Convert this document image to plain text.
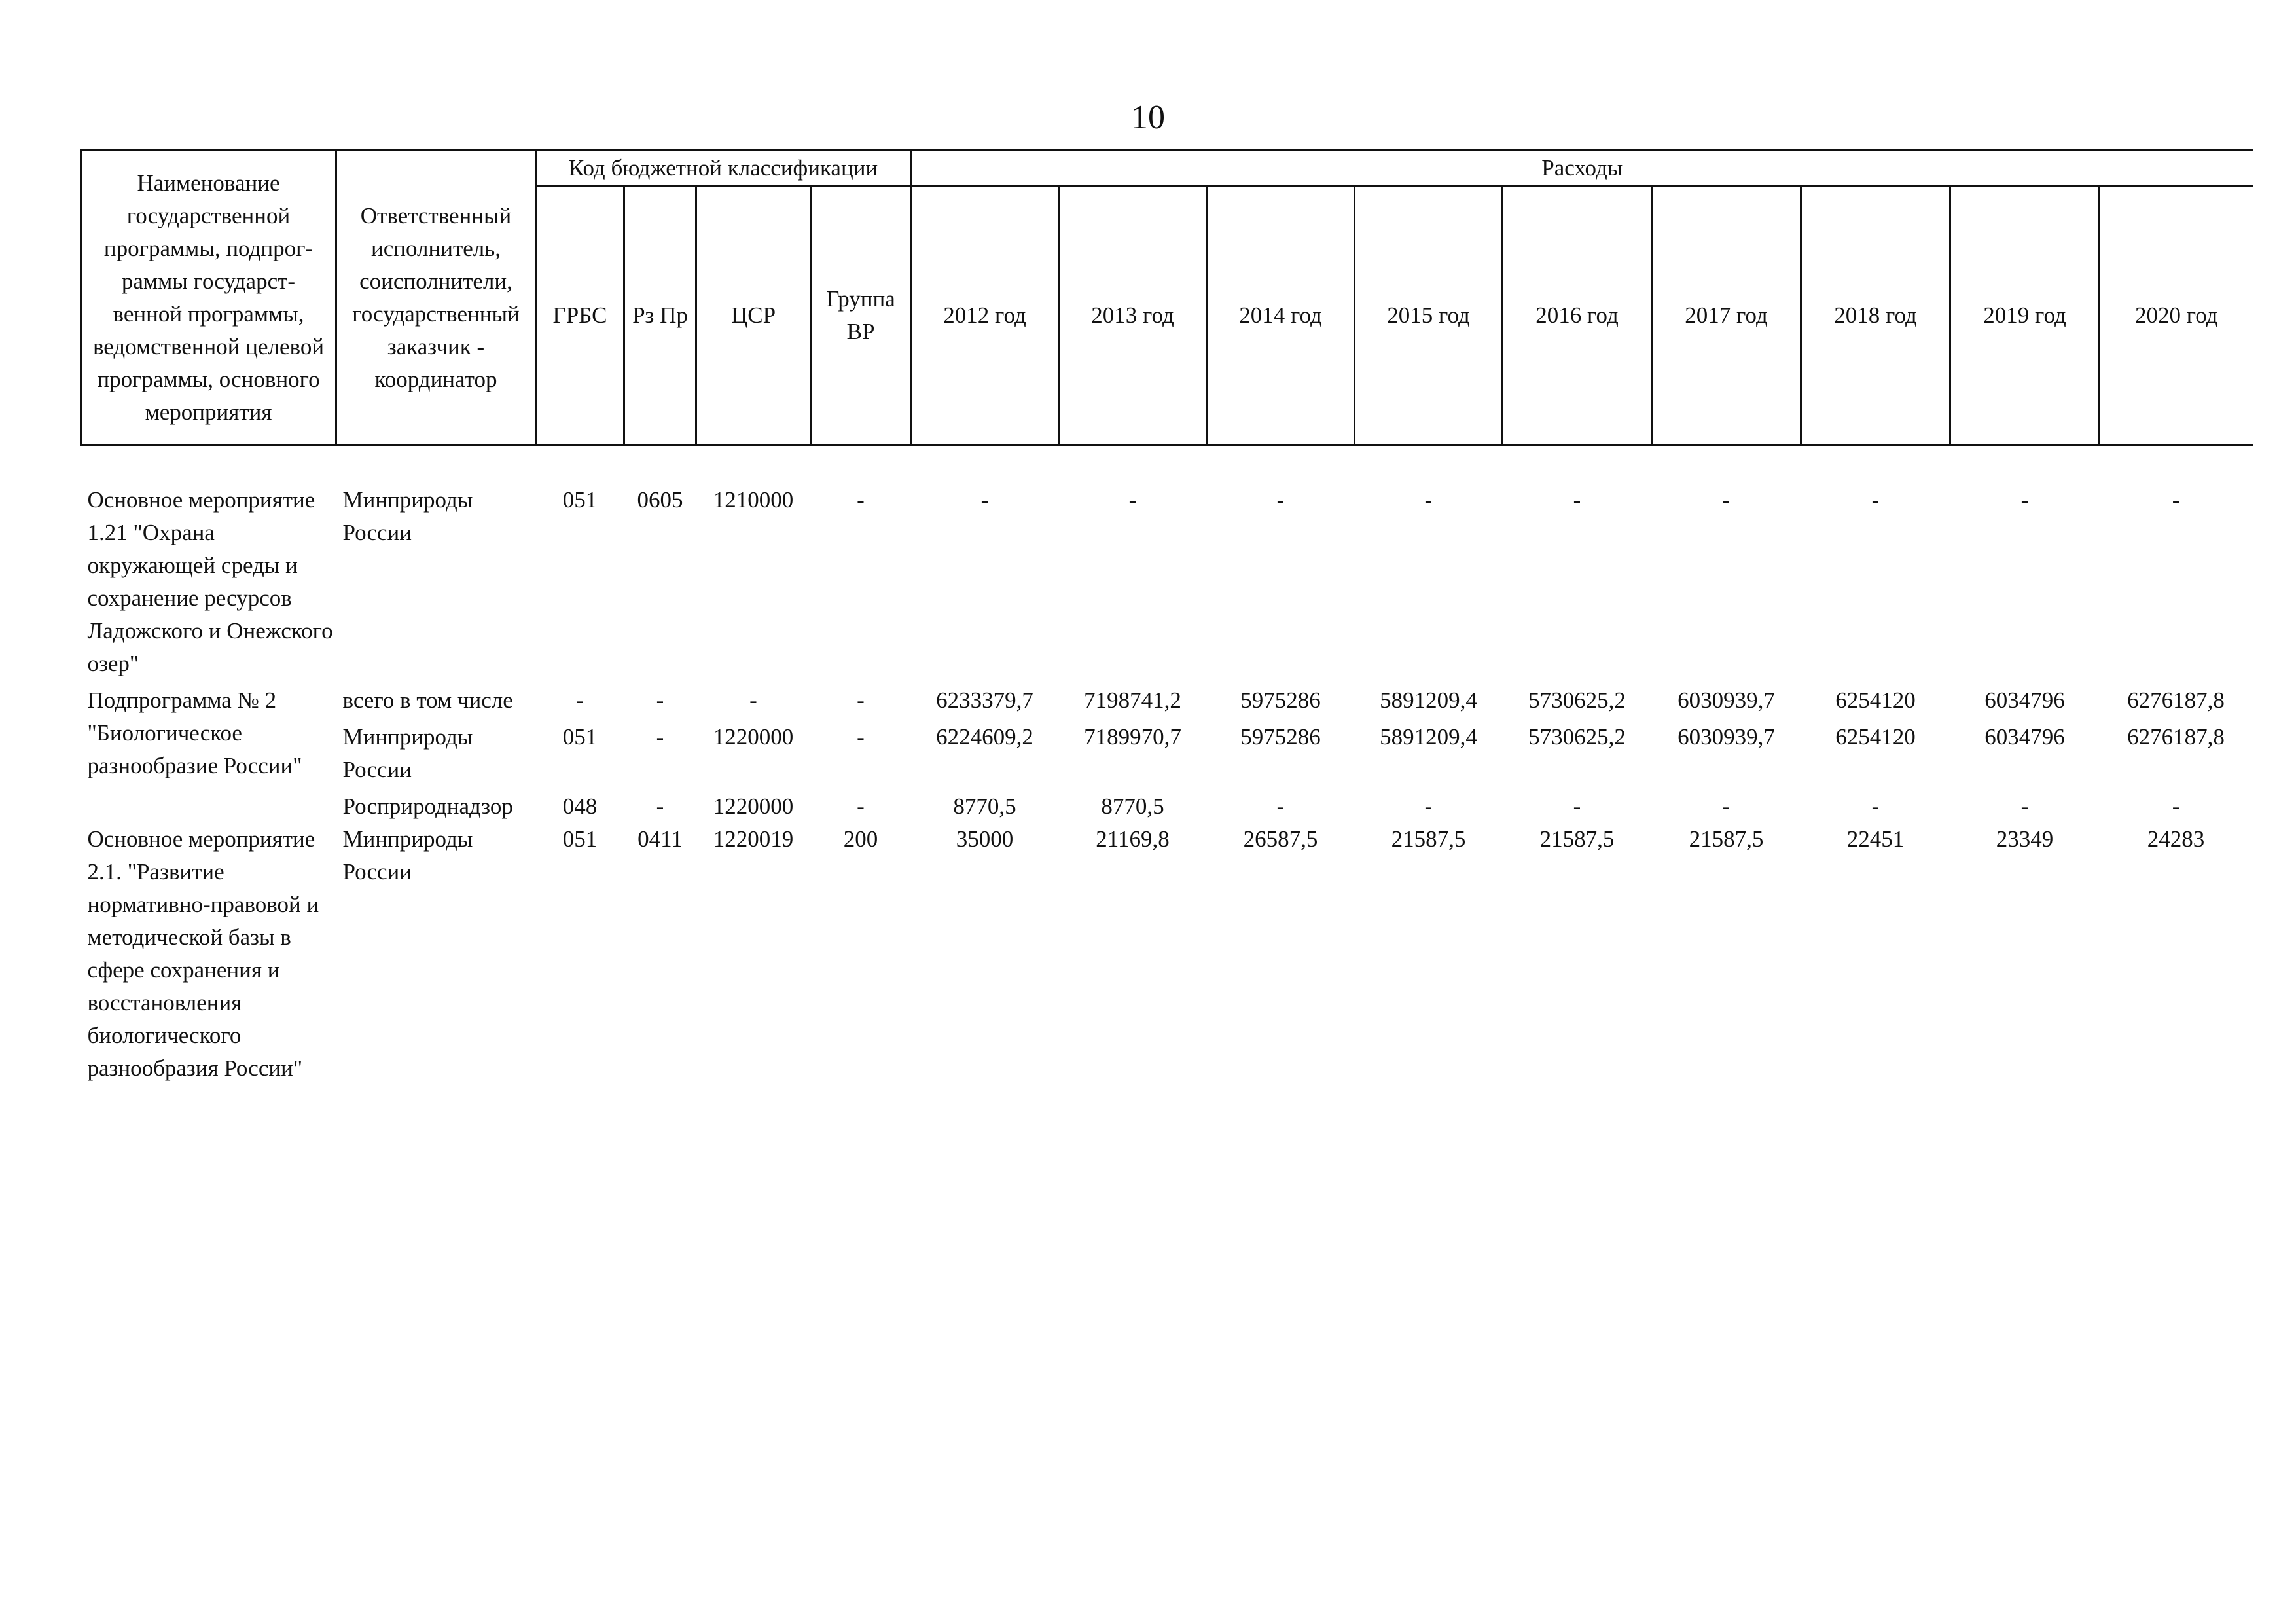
10
Наименование государственной программы, подпрог- раммы государст- венной программы, ведомственной целевой программы, основного мероприятия	Ответственный исполнитель, соисполнители, государственный заказчик - координатор	Код бюджетной классификации				Расходы								
		ГРБС	Рз Пр	ЦСР	Группа ВР	2012 год	2013 год	2014 год	2015 год	2016 год	2017 год	2018 год	2019 год	2020 год

Основное мероприятие 1.21 "Охрана окружающей среды и сохранение ресурсов Ладожского и Онежского озер"	Минприроды России	051	0605	1210000	-	-	-	-	-	-	-	-	-	-
Подпрограмма № 2 "Биологическое разнообразие России"	всего в том числе	-	-	-	-	6233379,7	7198741,2	5975286	5891209,4	5730625,2	6030939,7	6254120	6034796	6276187,8
	Минприроды России	051	-	1220000	-	6224609,2	7189970,7	5975286	5891209,4	5730625,2	6030939,7	6254120	6034796	6276187,8
	Росприроднадзор	048	-	1220000	-	8770,5	8770,5	-	-	-	-	-	-	-
Основное мероприятие 2.1. "Развитие нормативно-правовой и методической базы в сфере сохранения и восстановления биологического разнообразия России"	Минприроды России	051	0411	1220019	200	35000	21169,8	26587,5	21587,5	21587,5	21587,5	22451	23349	24283
